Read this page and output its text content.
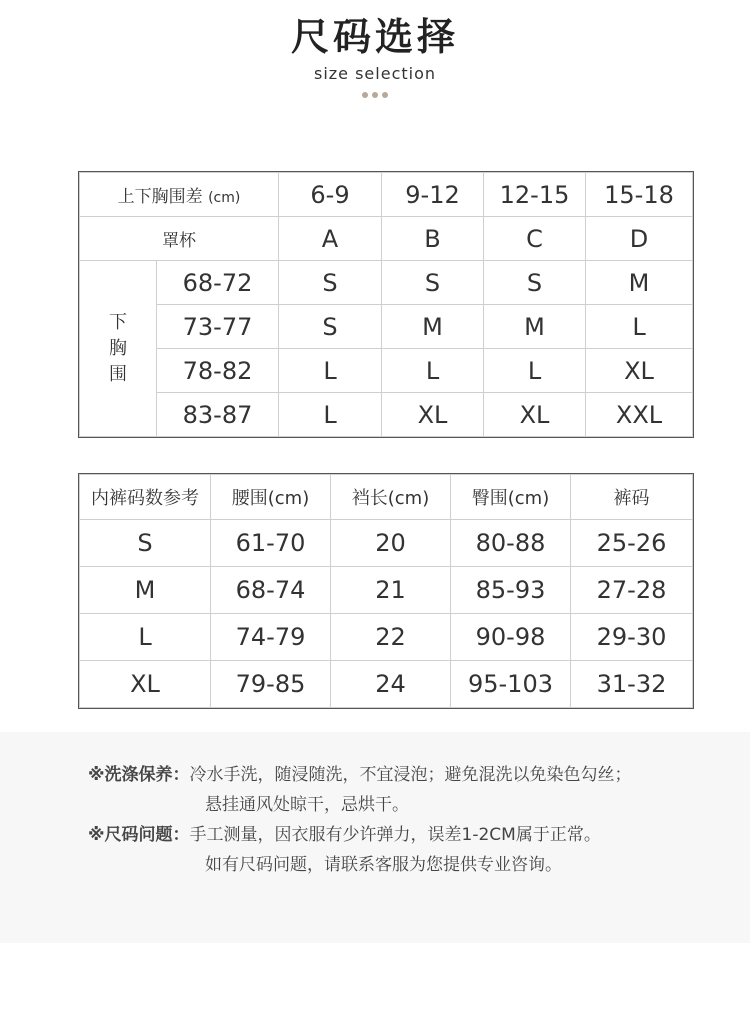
尺码选择
size selection
上下胸围差 (cm)		6-9	9-12	12-15	15-18
罩杯		A	B	C	D

下
胸
围	68-72	S	S	S	M
	73-77	S	M	M	L
	78-82	L	L	L	XL
	83-87	L	XL	XL	XXL
内裤码数参考	腰围(cm)	裆长(cm)	臀围(cm)	裤码
S	61-70	20	80-88	25-26
M	68-74	21	85-93	27-28
L	74-79	22	90-98	29-30
XL	79-85	24	95-103	31-32
※洗涤保养：冷水手洗，随浸随洗，不宜浸泡；避免混洗以免染色勾丝；
悬挂通风处晾干，忌烘干。
※尺码问题：手工测量，因衣服有少许弹力，误差1-2CM属于正常。
如有尺码问题，请联系客服为您提供专业咨询。
